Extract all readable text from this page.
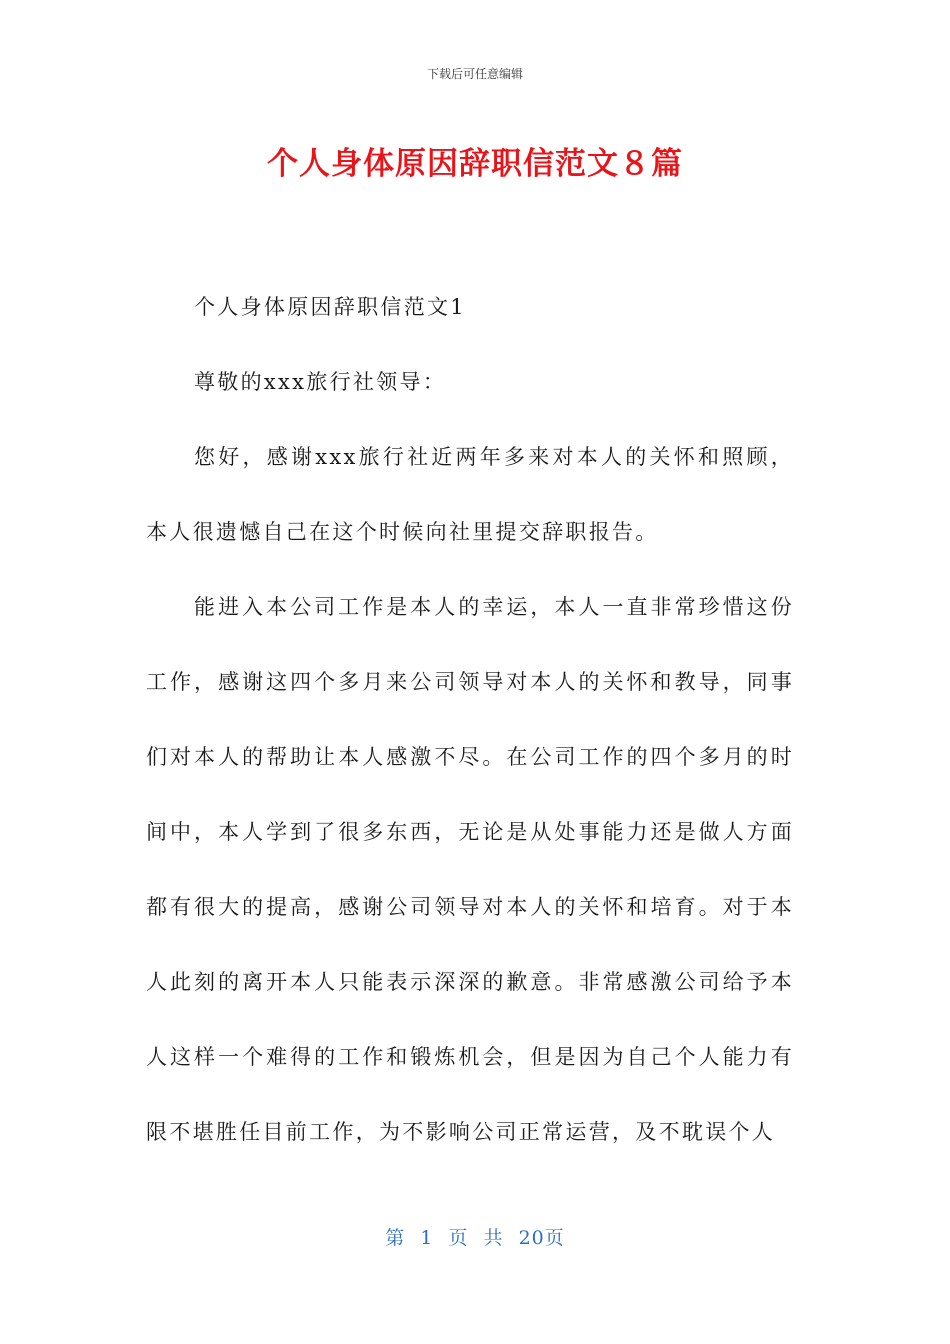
下载后可任意编辑
个人身体原因辞职信范文８篇

个人身体原因辞职信范文1

尊敬的xxx旅行社领导：

您好，感谢xxx旅行社近两年多来对本人的关怀和照顾，本人很遗憾自己在这个时候向社里提交辞职报告。

能进入本公司工作是本人的幸运，本人一直非常珍惜这份工作，感谢这四个多月来公司领导对本人的关怀和教导，同事们对本人的帮助让本人感激不尽。在公司工作的四个多月的时间中，本人学到了很多东西，无论是从处事能力还是做人方面都有很大的提高，感谢公司领导对本人的关怀和培育。对于本人此刻的离开本人只能表示深深的歉意。非常感激公司给予本人这样一个难得的工作和锻炼机会，但是因为自己个人能力有限不堪胜任目前工作，为不影响公司正常运营，及不耽误个人

第 1 页 共 20页
